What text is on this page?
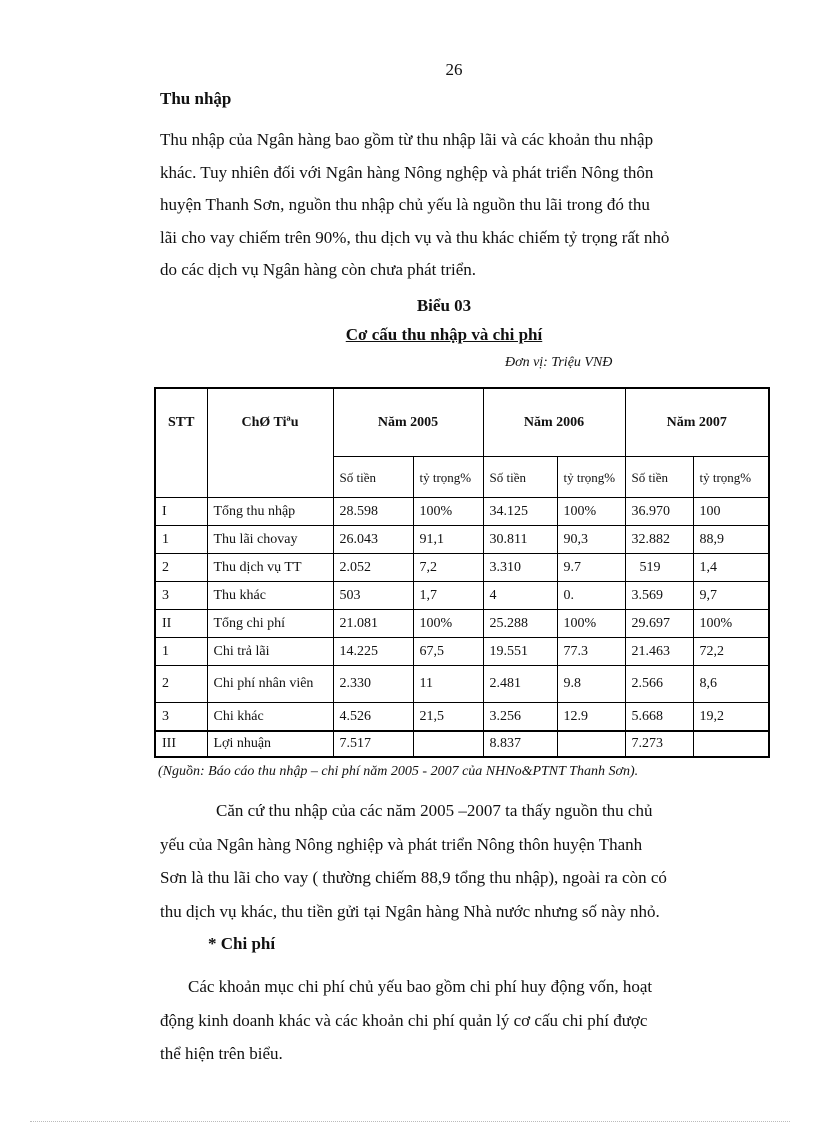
26
Thu nhập
Thu nhập của Ngân hàng bao gồm từ thu nhập lãi và các khoản thu nhập
khác. Tuy nhiên đối với Ngân hàng Nông nghệp và phát triển Nông thôn
huyện Thanh Sơn, nguồn thu nhập chủ yếu là nguồn thu lãi trong đó thu
lãi cho vay chiếm trên 90%, thu dịch vụ và thu khác chiếm tỷ trọng rất nhỏ
do các dịch vụ Ngân hàng còn chưa phát triển.
Biểu 03
Cơ cấu thu nhập và chi phí
Đơn vị: Triệu VNĐ
STT	ChØ Tiªu	Năm 2005		Năm 2006		Năm 2007	
		Số tiền	tỷ trọng%	Số tiền	tỷ trọng%	Số tiền	tỷ trọng%
I	Tổng thu nhập	28.598	100%	34.125	100%	36.970	100
1	Thu lãi chovay	26.043	91,1	30.811	90,3	32.882	88,9
2	Thu dịch vụ TT	2.052	7,2	3.310	9.7	519	1,4
3	Thu khác	503	1,7	4	0.	3.569	9,7
II	Tổng chi phí	21.081	100%	25.288	100%	29.697	100%
1	Chi trả lãi	14.225	67,5	19.551	77.3	21.463	72,2
2	Chi phí nhân viên	2.330	11	2.481	9.8	2.566	8,6
3	Chi khác	4.526	21,5	3.256	12.9	5.668	19,2
III	Lợi nhuận	7.517		8.837		7.273	
(Nguồn: Báo cáo thu nhập – chi phí năm 2005 - 2007 của NHNo&PTNT Thanh Sơn).
Căn cứ thu nhập của các năm 2005 –2007 ta thấy nguồn thu chủ
yếu của Ngân hàng Nông nghiệp và phát triển Nông thôn huyện Thanh
Sơn là thu lãi cho vay ( thường chiếm 88,9 tổng thu nhập), ngoài ra còn có
thu dịch vụ khác, thu tiền gửi tại Ngân hàng Nhà nước nhưng số này nhỏ.
* Chi phí
Các khoản mục chi phí chủ yếu bao gồm chi phí huy động vốn, hoạt
động kinh doanh khác và các khoản chi phí quản lý cơ cấu chi phí được
thể hiện trên biểu.
